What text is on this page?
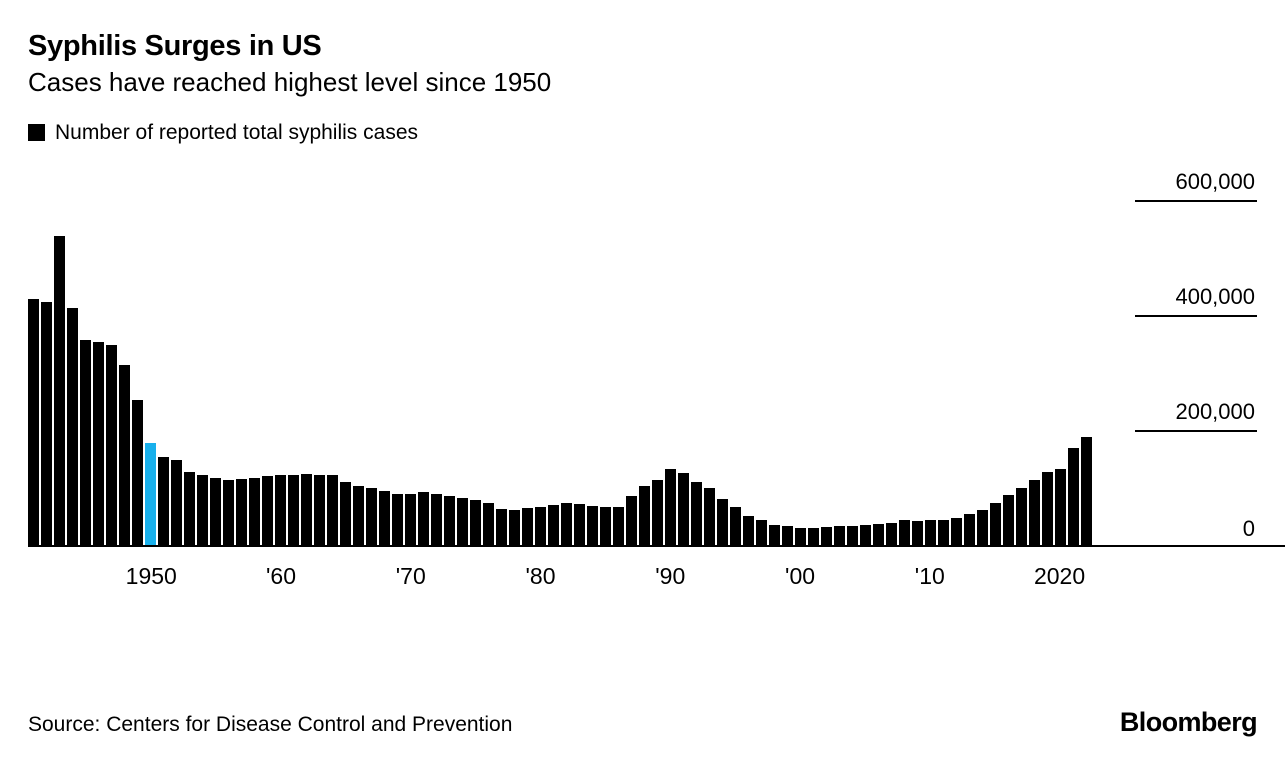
Syphilis Surges in US
Cases have reached highest level since 1950
Number of reported total syphilis cases
600,000
400,000
200,000
0
1950	'60	'70	'80	'90	'00	'10	2020
Source: Centers for Disease Control and Prevention	Bloomberg
